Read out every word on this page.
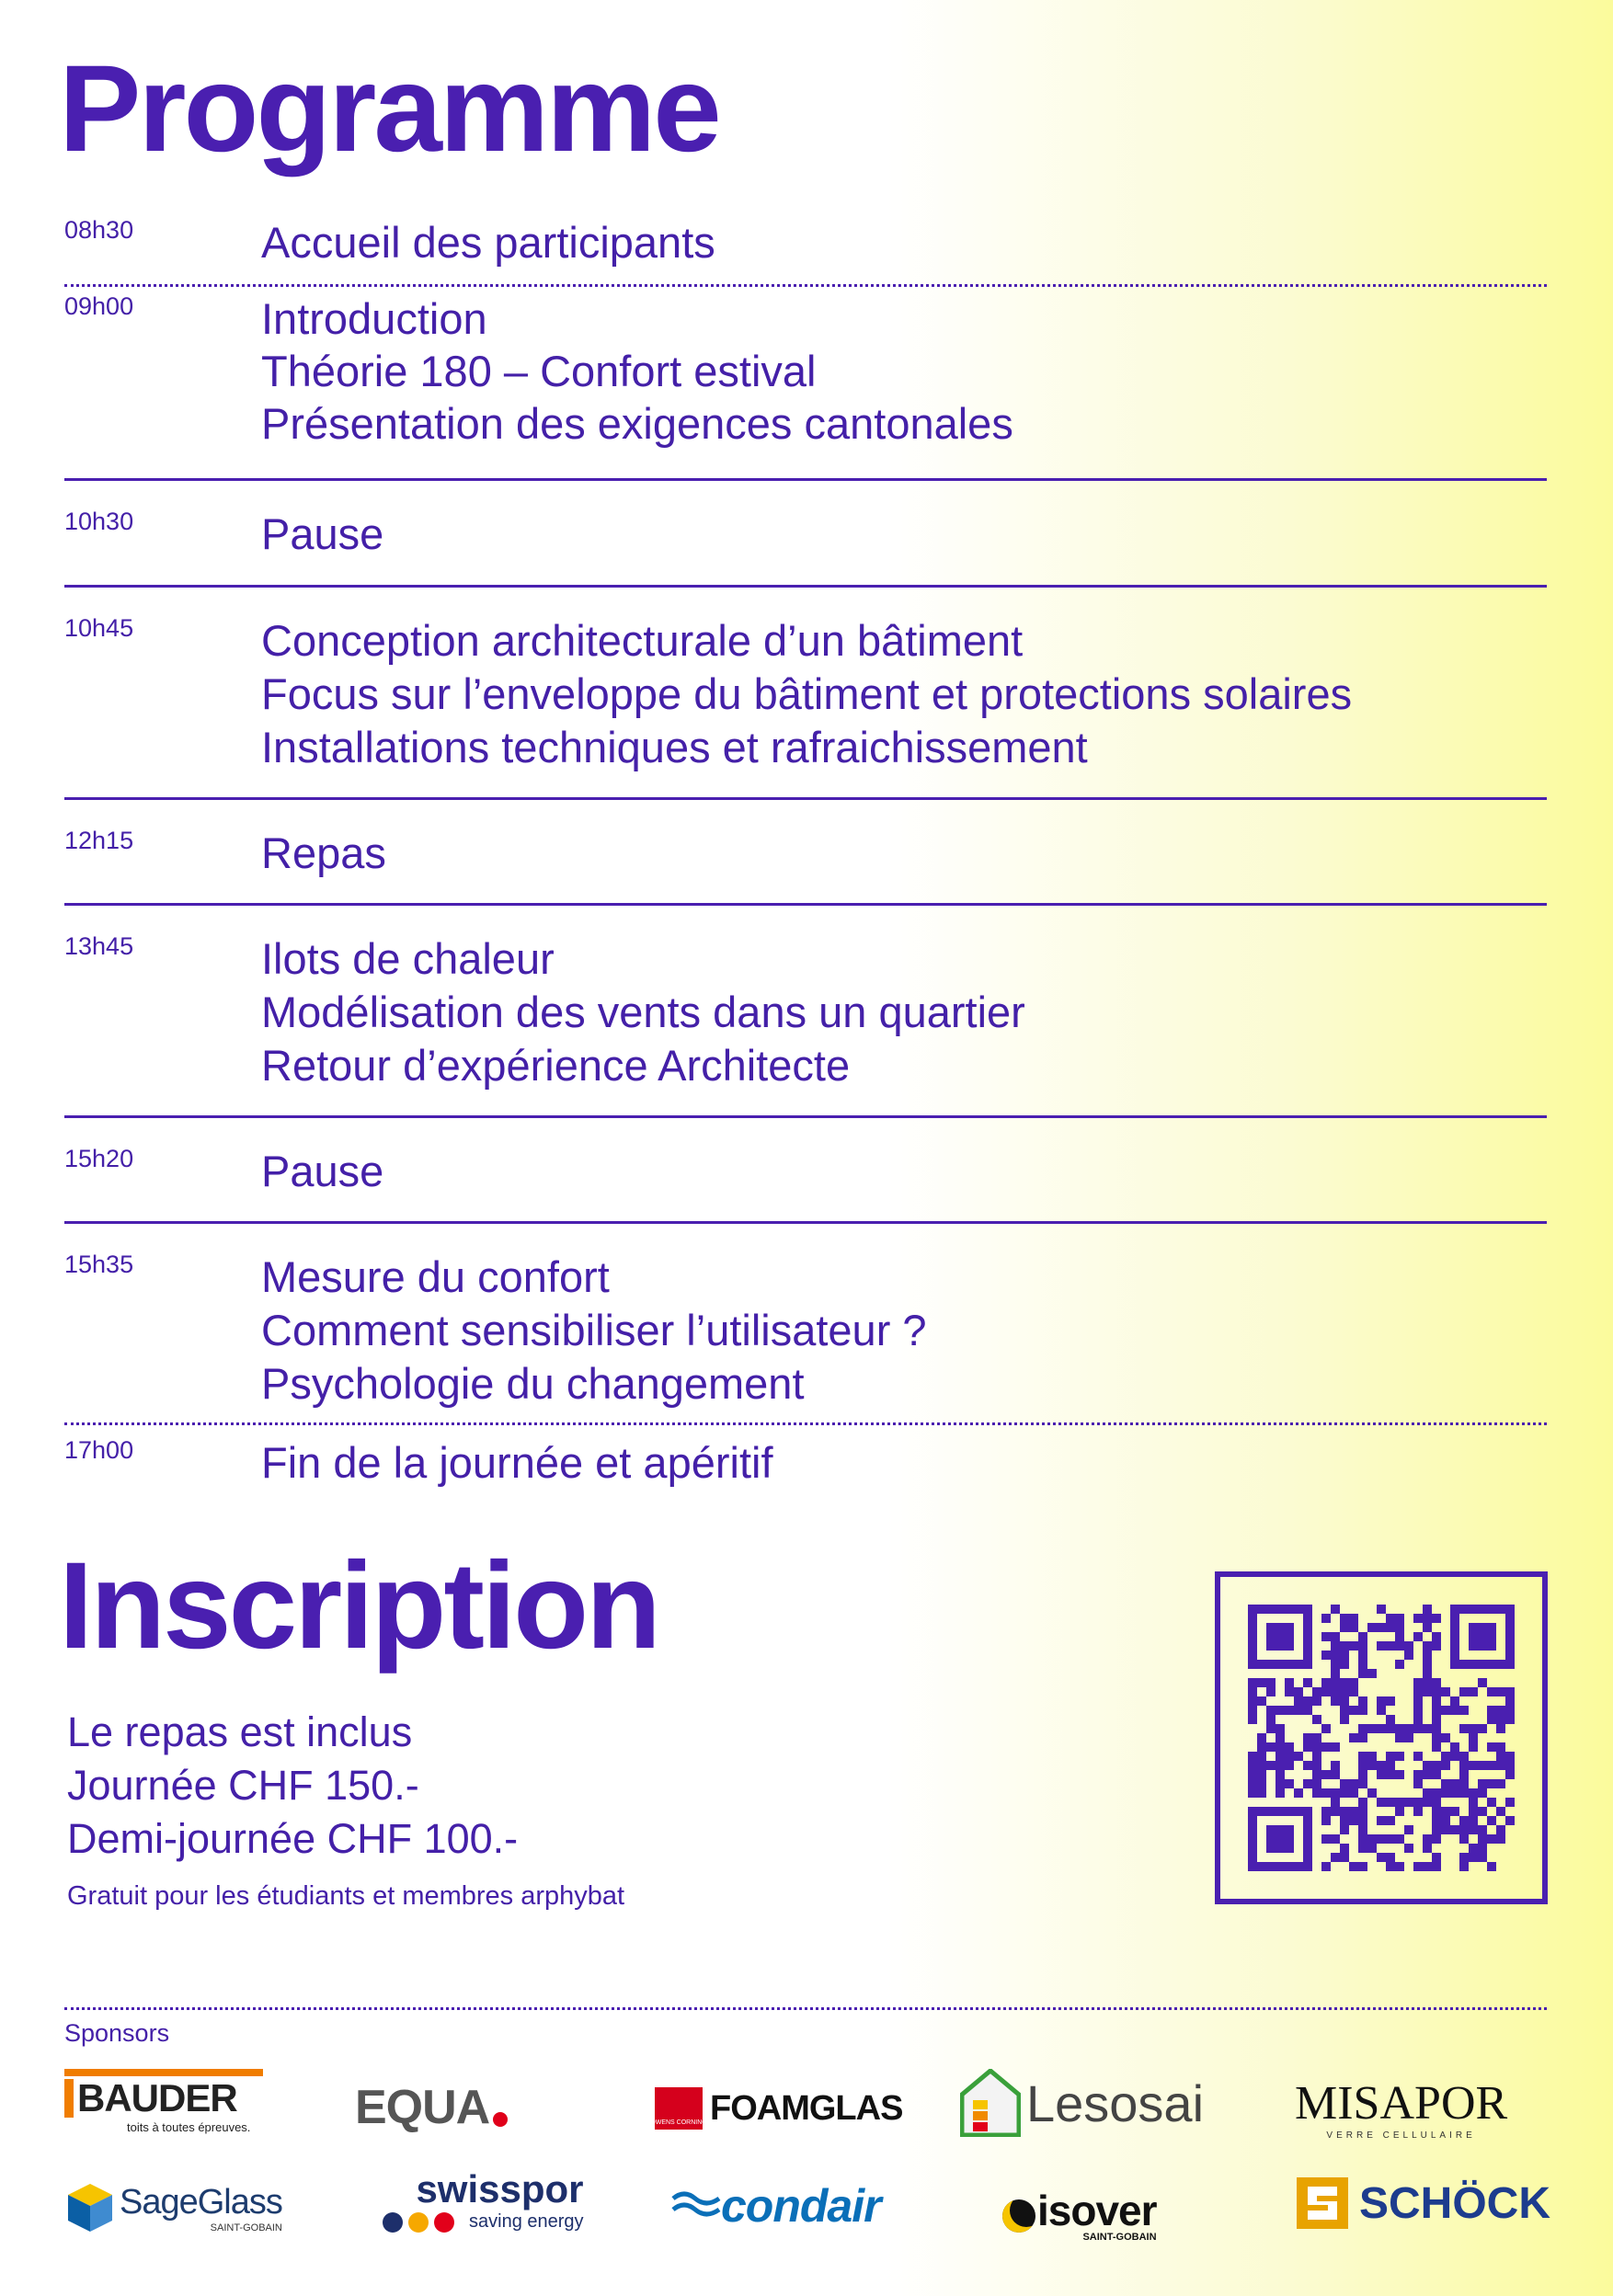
Programme
08h30	Accueil des participants
09h00	Introduction
Théorie 180 – Confort estival
Présentation des exigences cantonales
10h30	Pause
10h45	Conception architecturale d’un bâtiment
Focus sur l’enveloppe du bâtiment et protections solaires
Installations techniques et rafraichissement
12h15	Repas
13h45	Ilots de chaleur
Modélisation des vents dans un quartier
Retour d’expérience Architecte
15h20	Pause
15h35	Mesure du confort
Comment sensibiliser l’utilisateur ?
Psychologie du changement
17h00	Fin de la journée et apéritif
Inscription
Le repas est inclus
Journée CHF 150.-
Demi-journée CHF 100.-
Gratuit pour les étudiants et membres arphybat
Sponsors
BAUDER
toits à toutes épreuves. EQUA	OWENS CORNING FOAMGLAS Lesosai MISAPOR
VERRE CELLULAIRE
SageGlass
SAINT-GOBAIN
swisspor
saving energy	condair	isover
SAINT-GOBAIN
SCHÖCK
